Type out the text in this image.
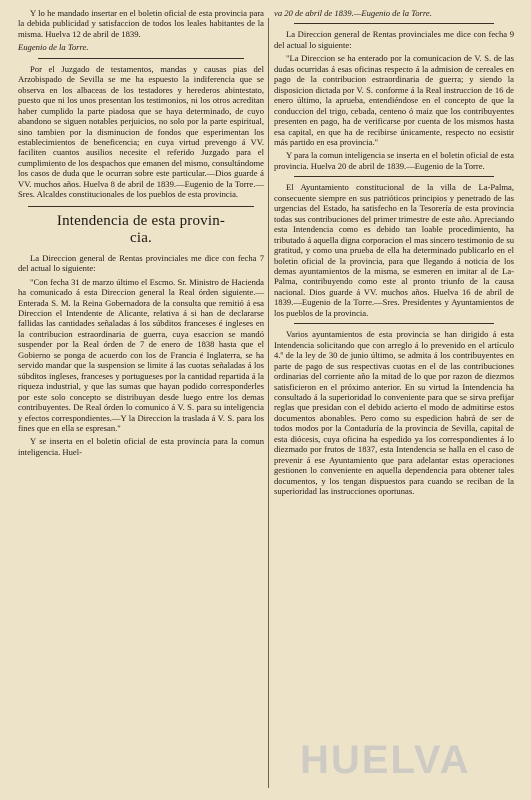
Y lo he mandado insertar en el boletin oficial de esta provincia para la debida publicidad y satisfaccion de todos los leales habitantes de la misma. Huelva 12 de abril de 1839.

Eugenio de la Torre.

Por el Juzgado de testamentos, mandas y causas pias del Arzobispado de Sevilla se me ha espuesto la indiferencia que se observa en los albaceas de los testadores y herederos abintestato, puesto que ni los unos presentan los testimonios, ni los otros acreditan haber cumplido la parte piadosa que se haya determinado, de cuyo abandono se siguen notables perjuicios, no solo por la parte espiritual, sino tambien por la disminucion de fondos que esperimentan los establecimientos de beneficencia; en cuya virtud prevengo á VV. faciliten cuantos ausilios necesite el referido Juzgado para el cumplimiento de los despachos que emanen del mismo, consultándome los casos de duda que le ocurran sobre este particular.—Dios guarde á VV. muchos años. Huelva 8 de abril de 1839.—Eugenio de la Torre.—Sres. Alcaldes constitucionales de los pueblos de esta provincia.

Intendencia de esta provin-
cia.

La Direccion general de Rentas provinciales me dice con fecha 7 del actual lo siguiente:

"Con fecha 31 de marzo último el Escmo. Sr. Ministro de Hacienda ha comunicado á esta Direccion general la Real órden siguiente.—Enterada S. M. la Reina Gobernadora de la consulta que remitió á esa Direccion el Intendente de Alicante, relativa á si han de declararse fallidas las cantidades señaladas á los súbditos franceses é ingleses en la contribucion estraordinaria de guerra, cuya esaccion se mandó suspender por la Real órden de 7 de enero de 1838 hasta que el Gobierno se ponga de acuerdo con los de Francia é Inglaterra, se ha servido mandar que la suspension se limite á las cuotas señaladas á los súbditos ingleses, franceses y portugueses por la cantidad repartida á la riqueza industrial, y que las sumas que hayan podido corresponderles por este solo concepto se distribuyan desde luego entre los demas contribuyentes. De Real órden lo comunico á V. S. para su inteligencia y efectos correspondientes.—Y la Direccion la traslada á V. S. para los fines que en ella se espresan."

Y se inserta en el boletin oficial de esta provincia para la comun inteligencia. Huel-

va 20 de abril de 1839.—Eugenio de la Torre.

La Direccion general de Rentas provinciales me dice con fecha 9 del actual lo siguiente:

"La Direccion se ha enterado por la comunicacion de V. S. de las dudas ocurridas á esas oficinas respecto á la admision de cereales en pago de la contribucion estraordinaria de guerra; y siendo la disposicion dictada por V. S. conforme á la Real instruccion de 16 de enero último, la aprueba, entendiéndose en el concepto de que la conduccion del trigo, cebada, centeno ó maiz que los contribuyentes presenten en pago, ha de verificarse por cuenta de los mismos hasta esa capital, en que ha de recibirse únicamente, respecto no ecsistir más partido en esa provincia."

Y para la comun inteligencia se inserta en el boletin oficial de esta provincia. Huelva 20 de abril de 1839.—Eugenio de la Torre.

El Ayuntamiento constitucional de la villa de La-Palma, consecuente siempre en sus patrióticos principios y penetrado de las urgencias del Estado, ha satisfecho en la Tesorería de esta provincia todas sus contribuciones del primer trimestre de este año. Apreciando esta Intendencia como es debido tan loable procedimiento, ha tributado á aquella digna corporacion el mas sincero testimonio de su gratitud, y como una prueba de ella ha determinado publicarlo en el boletin oficial de la provincia, para que llegando á noticia de los demas ayuntamientos de la misma, se esmeren en imitar al de La-Palma, contribuyendo como este al pronto triunfo de la causa nacional. Dios guarde á VV. muchos años. Huelva 16 de abril de 1839.—Eugenio de la Torre.—Sres. Presidentes y Ayuntamientos de los pueblos de la provincia.

Varios ayuntamientos de esta provincia se han dirigido á esta Intendencia solicitando que con arreglo á lo prevenido en el artículo 4.º de la ley de 30 de junio último, se admita á los contribuyentes en parte de pago de sus respectivas cuotas en el de las contribuciones ordinarias del corriente año la mitad de lo que por razon de diezmos satisficieron en el próximo anterior. En su virtud la Intendencia ha consultado á la superioridad lo conveniente para que se sirva prefijar reglas que presidan con el debido acierto el modo de admitirse estos documentos abonables. Pero como su espedicion habrá de ser de todos modos por la Contaduría de la provincia de Sevilla, capital de esta diócesis, cuya oficina ha espedido ya los correspondientes á lo diezmado por frutos de 1837, esta Intendencia se halla en el caso de prevenir á ese Ayuntamiento que para adelantar estas operaciones gestionen lo conveniente en aquella dependencia para obtener tales documentos, y los tengan dispuestos para cuando se reciban de la superioridad las instrucciones oportunas.

HUELVA
